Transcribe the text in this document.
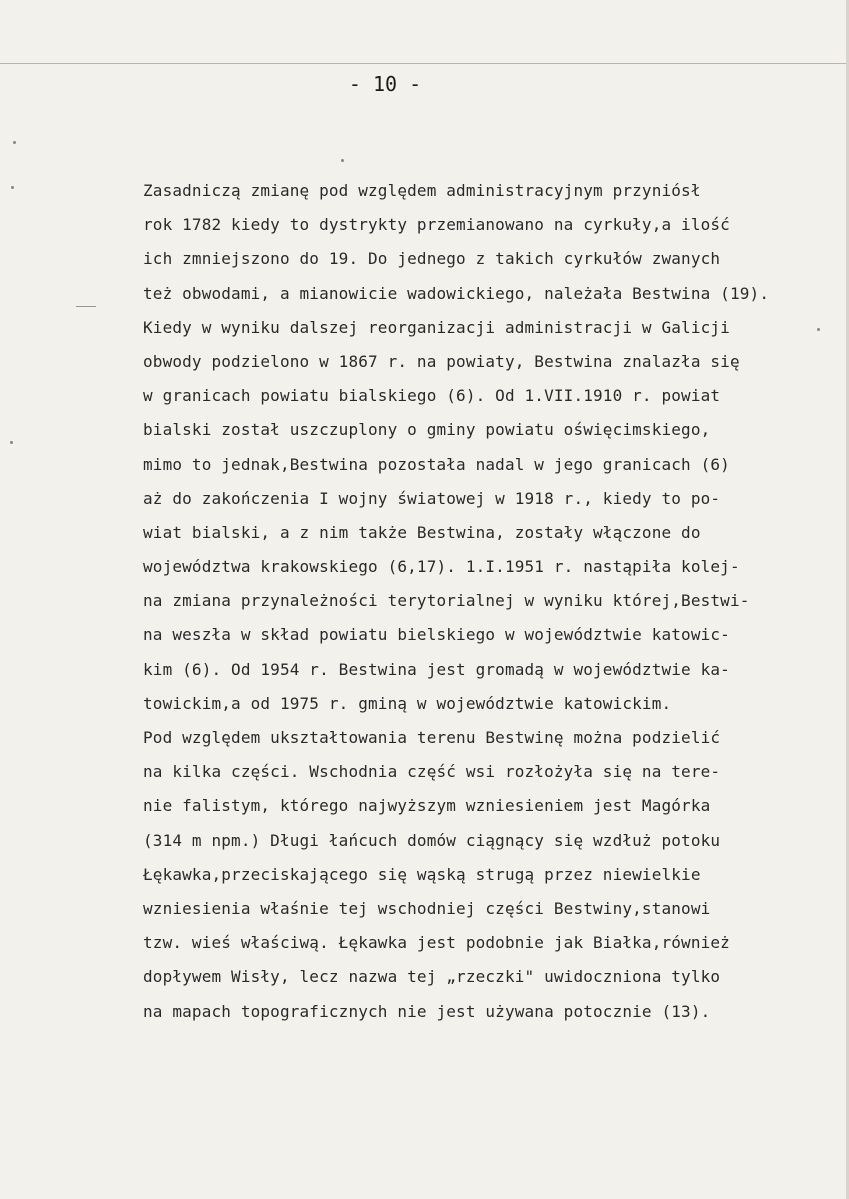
- 10 -
Zasadniczą zmianę pod względem administracyjnym przyniósł
rok 1782 kiedy to dystrykty przemianowano na cyrkuły,a ilość
ich zmniejszono do 19. Do jednego z takich cyrkułów zwanych
też obwodami, a mianowicie wadowickiego, należała Bestwina (19).
Kiedy w wyniku dalszej reorganizacji administracji w Galicji
obwody podzielono w 1867 r. na powiaty, Bestwina znalazła się
w granicach powiatu bialskiego (6). Od 1.VII.1910 r. powiat
bialski został uszczuplony o gminy powiatu oświęcimskiego,
mimo to jednak,Bestwina pozostała nadal w jego granicach (6)
aż do zakończenia I wojny światowej w 1918 r., kiedy to po-
wiat bialski, a z nim także Bestwina, zostały włączone do
województwa krakowskiego (6,17). 1.I.1951 r. nastąpiła kolej-
na zmiana przynależności terytorialnej w wyniku której,Bestwi-
na weszła w skład powiatu bielskiego w województwie katowic-
kim (6). Od 1954 r. Bestwina jest gromadą w województwie ka-
towickim,a od 1975 r. gminą w województwie katowickim.
Pod względem ukształtowania terenu Bestwinę można podzielić
na kilka części. Wschodnia część wsi rozłożyła się na tere-
nie falistym, którego najwyższym wzniesieniem jest Magórka
(314 m npm.) Długi łańcuch domów ciągnący się wzdłuż potoku
Łękawka,przeciskającego się wąską strugą przez niewielkie
wzniesienia właśnie tej wschodniej części Bestwiny,stanowi
tzw. wieś właściwą. Łękawka jest podobnie jak Białka,również
dopływem Wisły, lecz nazwa tej „rzeczki" uwidoczniona tylko
na mapach topograficznych nie jest używana potocznie (13).
